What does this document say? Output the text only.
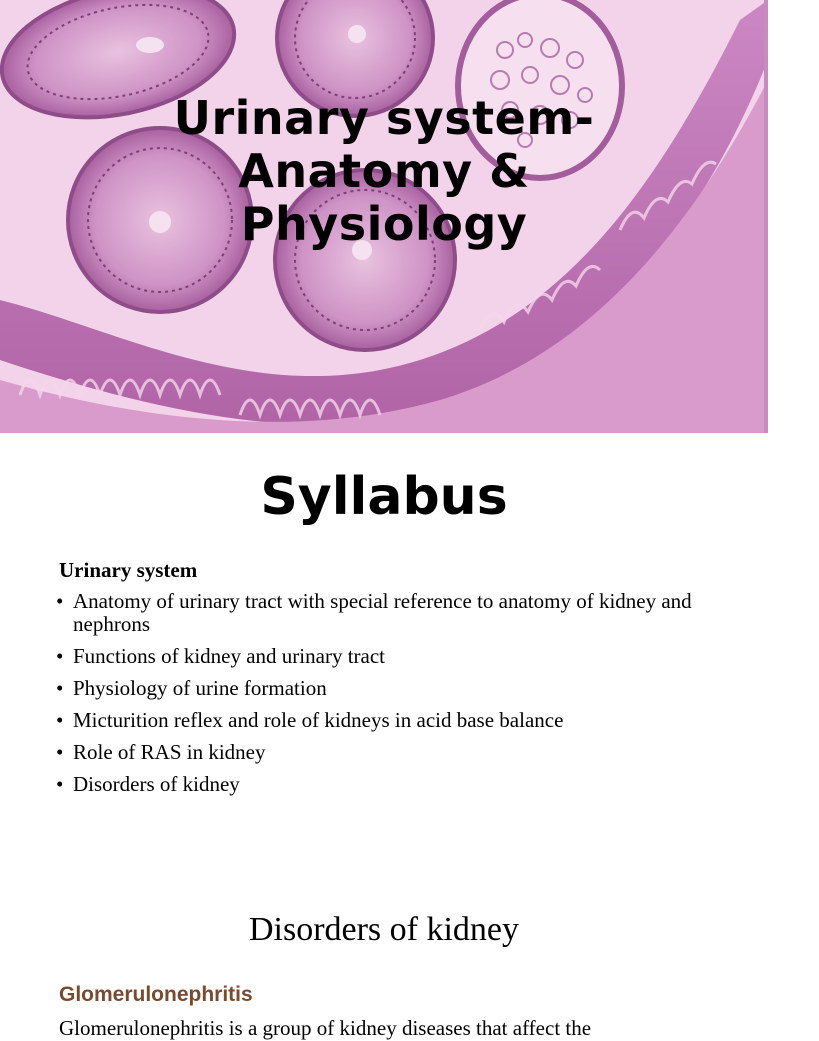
Urinary system-
Anatomy &
Physiology
Syllabus
Urinary system
• Anatomy of urinary tract with special reference to anatomy of kidney and nephrons
• Functions of kidney and urinary tract
• Physiology of urine formation
• Micturition reflex and role of kidneys in acid base balance
• Role of RAS in kidney
• Disorders of kidney
Disorders of kidney
Glomerulonephritis
Glomerulonephritis is a group of kidney diseases that affect the
